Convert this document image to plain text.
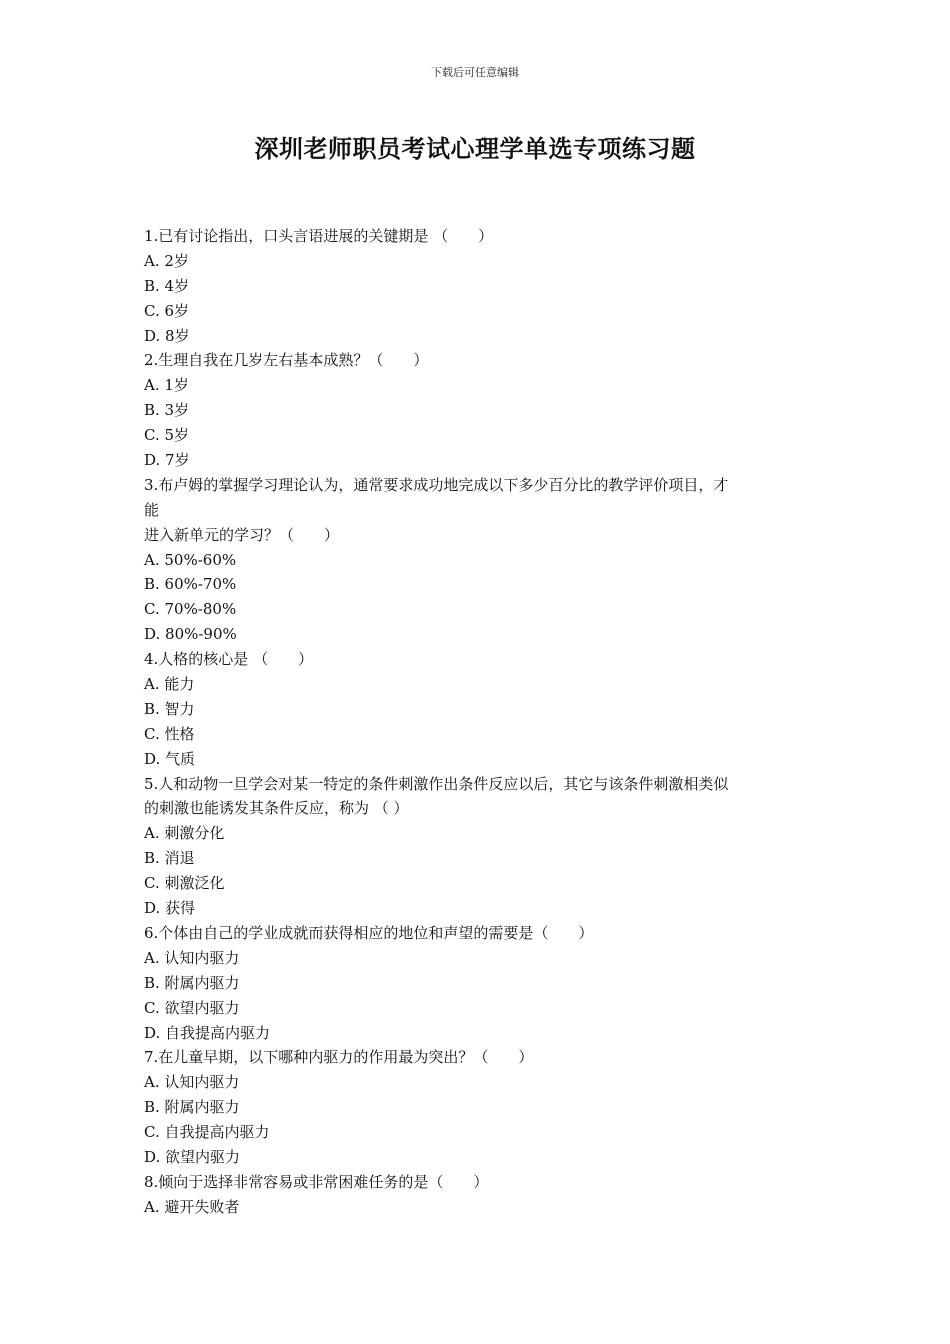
下载后可任意编辑
深圳老师职员考试心理学单选专项练习题
1.已有讨论指出，口头言语进展的关键期是 （　　）
A. 2岁
B. 4岁
C. 6岁
D. 8岁
2.生理自我在几岁左右基本成熟？（　　）
A. 1岁
B. 3岁
C. 5岁
D. 7岁
3.布卢姆的掌握学习理论认为，通常要求成功地完成以下多少百分比的教学评价项目，才
能
进入新单元的学习？（　　）
A. 50%-60%
B. 60%-70%
C. 70%-80%
D. 80%-90%
4.人格的核心是 （　　）
A. 能力
B. 智力
C. 性格
D. 气质
5.人和动物一旦学会对某一特定的条件刺激作出条件反应以后，其它与该条件刺激相类似
的刺激也能诱发其条件反应，称为 （ ）
A. 刺激分化
B. 消退
C. 刺激泛化
D. 获得
6.个体由自己的学业成就而获得相应的地位和声望的需要是（　　）
A. 认知内驱力
B. 附属内驱力
C. 欲望内驱力
D. 自我提高内驱力
7.在儿童早期，以下哪种内驱力的作用最为突出？（　　）
A. 认知内驱力
B. 附属内驱力
C. 自我提高内驱力
D. 欲望内驱力
8.倾向于选择非常容易或非常困难任务的是（　　）
A. 避开失败者
